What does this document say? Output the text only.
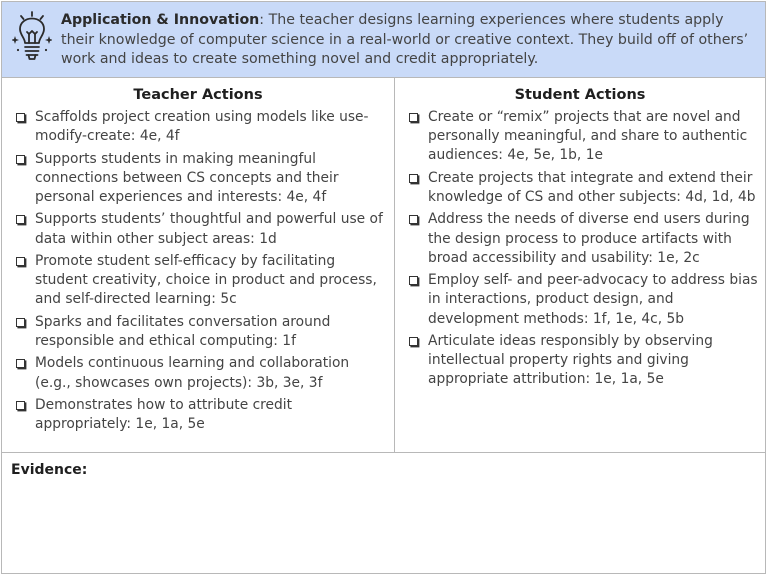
Application & Innovation: The teacher designs learning experiences where students apply their knowledge of computer science in a real-world or creative context. They build off of others’ work and ideas to create something novel and credit appropriately.
Teacher Actions
Scaffolds project creation using models like use-modify-create: 4e, 4f
Supports students in making meaningful connections between CS concepts and their personal experiences and interests: 4e, 4f
Supports students’ thoughtful and powerful use of data within other subject areas: 1d
Promote student self-efficacy by facilitating student creativity, choice in product and process, and self-directed learning: 5c
Sparks and facilitates conversation around responsible and ethical computing: 1f
Models continuous learning and collaboration (e.g., showcases own projects): 3b, 3e, 3f
Demonstrates how to attribute credit appropriately: 1e, 1a, 5e
Student Actions
Create or “remix” projects that are novel and personally meaningful, and share to authentic audiences: 4e, 5e, 1b, 1e
Create projects that integrate and extend their knowledge of CS and other subjects: 4d, 1d, 4b
Address the needs of diverse end users during the design process to produce artifacts with broad accessibility and usability: 1e, 2c
Employ self- and peer-advocacy to address bias in interactions, product design, and development methods: 1f, 1e, 4c, 5b
Articulate ideas responsibly by observing intellectual property rights and giving appropriate attribution: 1e, 1a, 5e
Evidence:
